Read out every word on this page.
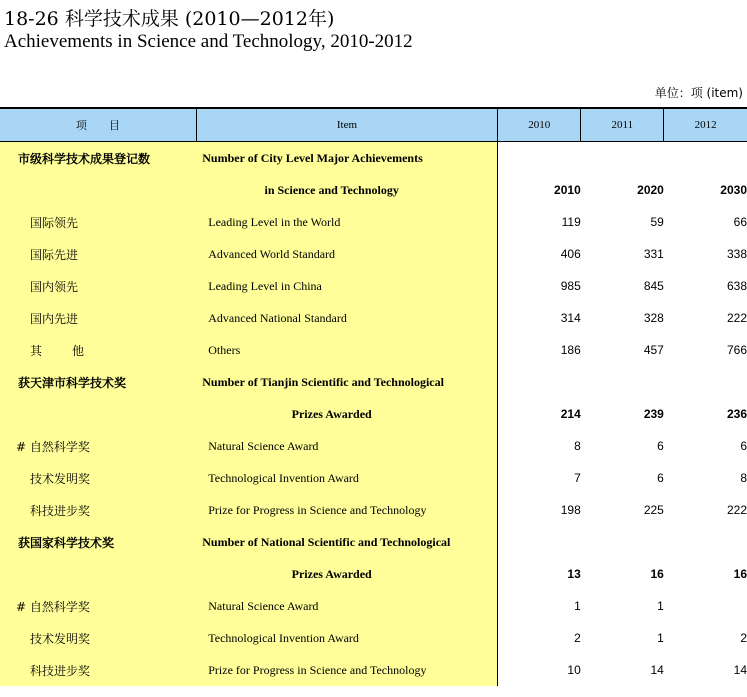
18-26 科学技术成果 (2010—2012年)
Achievements in Science and Technology, 2010-2012
单位：项 (item)
项　　目	Item	2010	2011	2012
市级科学技术成果登记数	Number of City Level Major Achievements			
	in Science and Technology	2010	2020	2030
国际领先	Leading Level in the World	119	59	66
国际先进	Advanced World Standard	406	331	338
国内领先	Leading Level in China	985	845	638
国内先进	Advanced National Standard	314	328	222
其他	Others	186	457	766
获天津市科学技术奖	Number of Tianjin Scientific and Technological			
	Prizes Awarded	214	239	236
# 自然科学奖	Natural Science Award	8	6	6
技术发明奖	Technological Invention Award	7	6	8
科技进步奖	Prize for Progress in Science and Technology	198	225	222
获国家科学技术奖	Number of National Scientific and Technological			
	Prizes Awarded	13	16	16
# 自然科学奖	Natural Science Award	1	1	
技术发明奖	Technological Invention Award	2	1	2
科技进步奖	Prize for Progress in Science and Technology	10	14	14
